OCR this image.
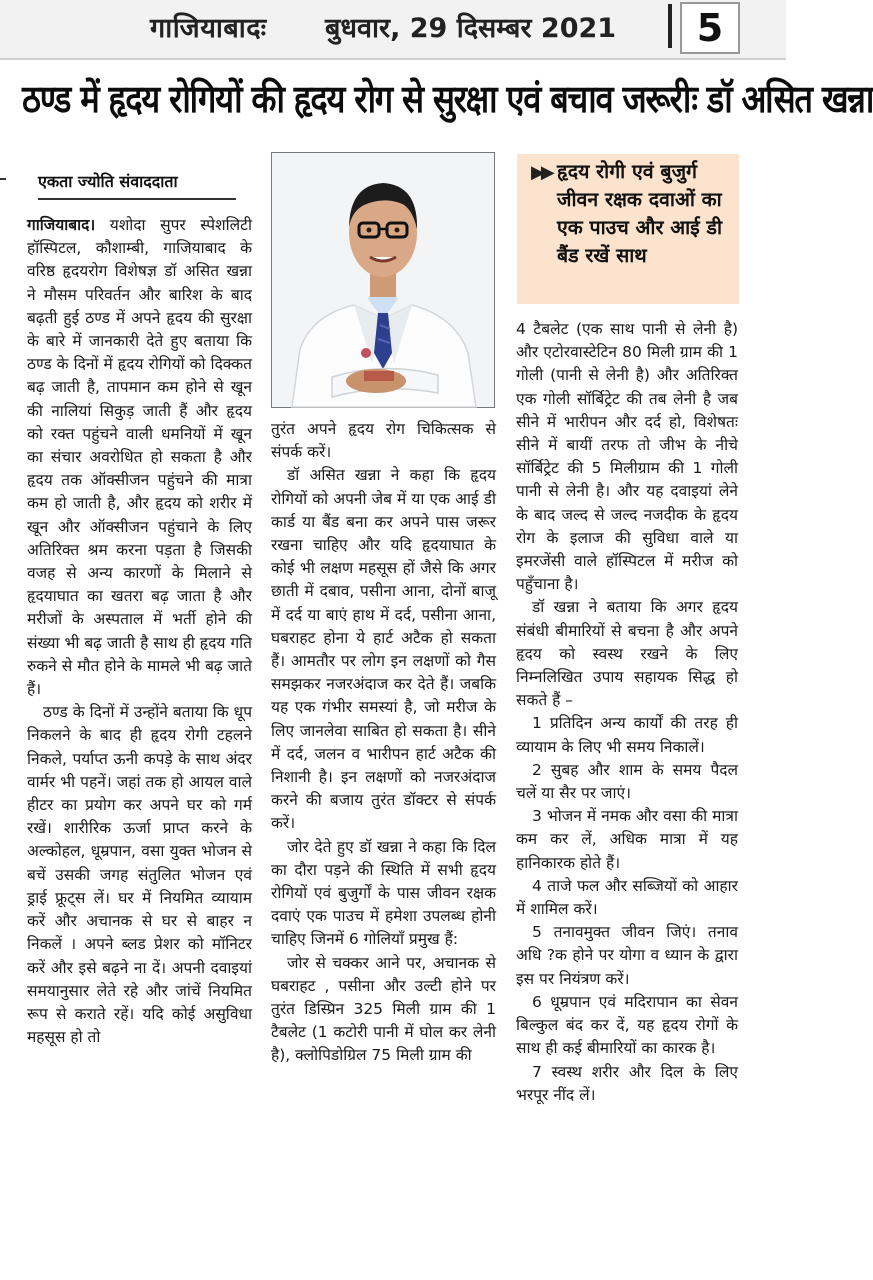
गाजियाबादः बुधवार, 29 दिसम्बर 2021	5
ठण्ड में हृदय रोगियों की हृदय रोग से सुरक्षा एवं बचाव जरूरीः डॉ असित खन्ना
एकता ज्योति संवाददाता

गाजियाबाद। यशोदा सुपर स्पेशलिटी हॉस्पिटल, कौशाम्बी, गाजियाबाद के वरिष्ठ हृदयरोग विशेषज्ञ डॉ असित खन्ना ने मौसम परिवर्तन और बारिश के बाद बढ़ती हुई ठण्ड में अपने हृदय की सुरक्षा के बारे में जानकारी देते हुए बताया कि ठण्ड के दिनों में हृदय रोगियों को दिक्कत बढ़ जाती है, तापमान कम होने से खून की नालियां सिकुड़ जाती हैं और हृदय को रक्त पहुंचने वाली धमनियों में खून का संचार अवरोधित हो सकता है और हृदय तक ऑक्सीजन पहुंचने की मात्रा कम हो जाती है, और हृदय को शरीर में खून और ऑक्सीजन पहुंचाने के लिए अतिरिक्त श्रम करना पड़ता है जिसकी वजह से अन्य कारणों के मिलाने से हृदयाघात का खतरा बढ़ जाता है और मरीजों के अस्पताल में भर्ती होने की संख्या भी बढ़ जाती है साथ ही हृदय गति रुकने से मौत होने के मामले भी बढ़ जाते हैं।

ठण्ड के दिनों में उन्होंने बताया कि धूप निकलने के बाद ही हृदय रोगी टहलने निकले, पर्याप्त ऊनी कपड़े के साथ अंदर वार्मर भी पहनें। जहां तक हो आयल वाले हीटर का प्रयोग कर अपने घर को गर्म रखें। शारीरिक ऊर्जा प्राप्त करने के अल्कोहल, धूम्रपान, वसा युक्त भोजन से बचें उसकी जगह संतुलित भोजन एवं ड्राई फ्रूट्स लें। घर में नियमित व्यायाम करें और अचानक से घर से बाहर न निकलें । अपने ब्लड प्रेशर को मॉनिटर करें और इसे बढ़ने ना दें। अपनी दवाइयां समयानुसार लेते रहे और जांचें नियमित रूप से कराते रहें। यदि कोई असुविधा महसूस हो तो

▶▶ हृदय रोगी एवं बुजुर्ग जीवन रक्षक दवाओं का एक पाउच और आई डी बैंड रखें साथ

तुरंत अपने हृदय रोग चिकित्सक से संपर्क करें।

डॉ असित खन्ना ने कहा कि हृदय रोगियों को अपनी जेब में या एक आई डी कार्ड या बैंड बना कर अपने पास जरूर रखना चाहिए और यदि हृदयाघात के कोई भी लक्षण महसूस हों जैसे कि अगर छाती में दबाव, पसीना आना, दोनों बाजू में दर्द या बाएं हाथ में दर्द, पसीना आना, घबराहट होना ये हार्ट अटैक हो सकता हैं। आमतौर पर लोग इन लक्षणों को गैस समझकर नजरअंदाज कर देते हैं। जबकि यह एक गंभीर समस्यां है, जो मरीज के लिए जानलेवा साबित हो सकता है। सीने में दर्द, जलन व भारीपन हार्ट अटैक की निशानी है। इन लक्षणों को नजरअंदाज करने की बजाय तुरंत डॉक्टर से संपर्क करें।

जोर देते हुए डॉ खन्ना ने कहा कि दिल का दौरा पड़ने की स्थिति में सभी हृदय रोगियों एवं बुजुर्गों के पास जीवन रक्षक दवाएं एक पाउच में हमेशा उपलब्ध होनी चाहिए जिनमें 6 गोलियाँ प्रमुख हैं:

जोर से चक्कर आने पर, अचानक से घबराहट , पसीना और उल्टी होने पर तुरंत डिस्प्रिन 325 मिली ग्राम की 1 टैबलेट (1 कटोरी पानी में घोल कर लेनी है), क्लोपिडोग्रिल 75 मिली ग्राम की

4 टैबलेट (एक साथ पानी से लेनी है) और एटोरवास्टेटिन 80 मिली ग्राम की 1 गोली (पानी से लेनी है) और अतिरिक्त एक गोली सॉर्बिट्रेट की तब लेनी है जब सीने में भारीपन और दर्द हो, विशेषतः सीने में बायीं तरफ तो जीभ के नीचे सॉर्बिट्रेट की 5 मिलीग्राम की 1 गोली पानी से लेनी है। और यह दवाइयां लेने के बाद जल्द से जल्द नजदीक के हृदय रोग के इलाज की सुविधा वाले या इमरजेंसी वाले हॉस्पिटल में मरीज को पहुँचाना है।

डॉ खन्ना ने बताया कि अगर हृदय संबंधी बीमारियों से बचना है और अपने हृदय को स्वस्थ रखने के लिए निम्नलिखित उपाय सहायक सिद्ध हो सकते हैं –

1 प्रतिदिन अन्य कार्यों की तरह ही व्यायाम के लिए भी समय निकालें।

2 सुबह और शाम के समय पैदल चलें या सैर पर जाएं।

3 भोजन में नमक और वसा की मात्रा कम कर लें, अधिक मात्रा में यह हानिकारक होते हैं।

4 ताजे फल और सब्जियों को आहार में शामिल करें।

5 तनावमुक्त जीवन जिएं। तनाव अधि ?क होने पर योगा व ध्यान के द्वारा इस पर नियंत्रण करें।

6 धूम्रपान एवं मदिरापान का सेवन बिल्कुल बंद कर दें, यह हृदय रोगों के साथ ही कई बीमारियों का कारक है।

7 स्वस्थ शरीर और दिल के लिए भरपूर नींद लें।
